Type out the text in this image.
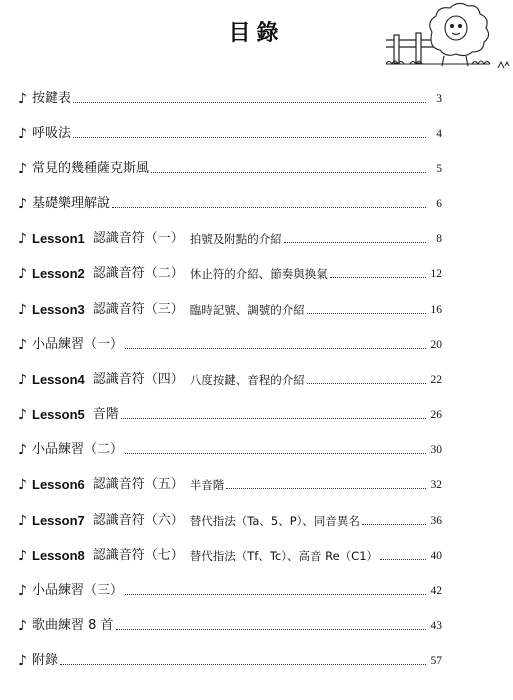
目錄
♪ 按鍵表	3
♪ 呼吸法	4
♪ 常見的幾種薩克斯風	5
♪ 基礎樂理解說	6
♪ Lesson1 認識音符（一） 拍號及附點的介紹	8
♪ Lesson2 認識音符（二） 休止符的介紹、節奏與換氣	12
♪ Lesson3 認識音符（三） 臨時記號、調號的介紹	16
♪ 小品練習（一）	20
♪ Lesson4 認識音符（四） 八度按鍵、音程的介紹	22
♪ Lesson5 音階	26
♪ 小品練習（二）	30
♪ Lesson6 認識音符（五） 半音階	32
♪ Lesson7 認識音符（六） 替代指法（Ta、5、P）、同音異名	36
♪ Lesson8 認識音符（七） 替代指法（Tf、Tc）、高音 Re（C1）	40
♪ 小品練習（三）	42
♪ 歌曲練習 8 首	43
♪ 附錄	57
